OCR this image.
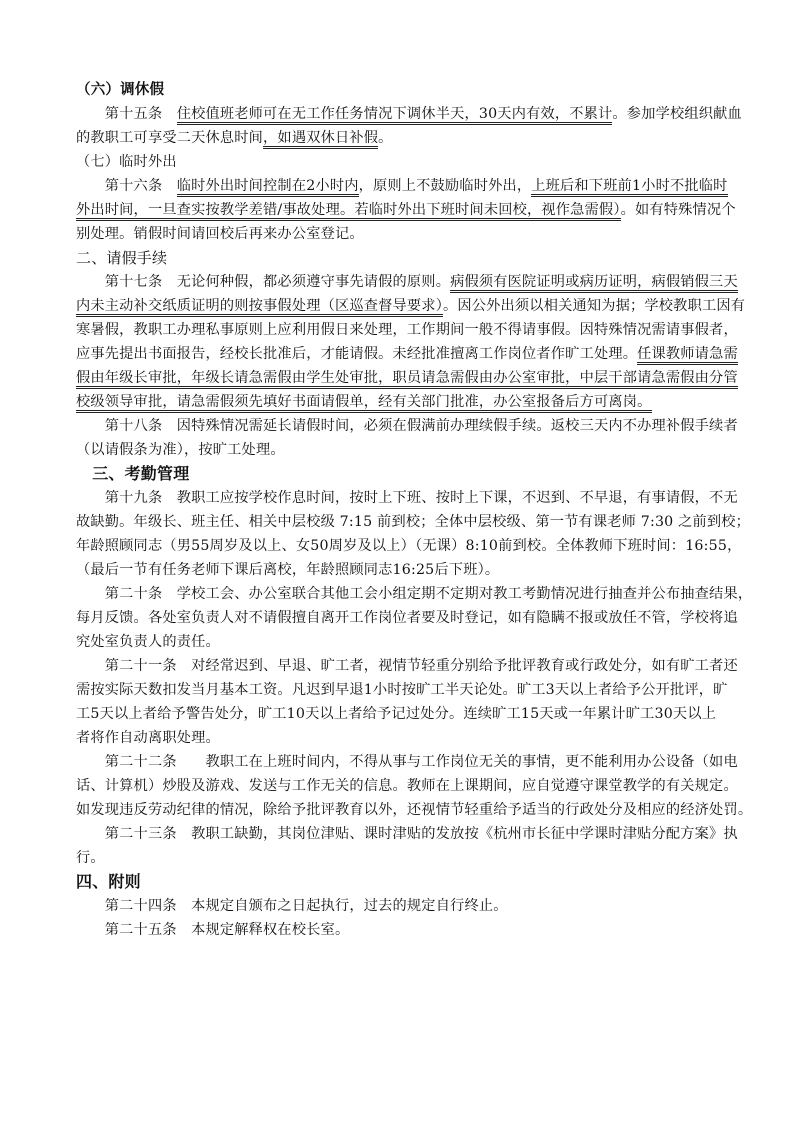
（六）调休假
　　第十五条　住校值班老师可在无工作任务情况下调休半天，30天内有效，不累计。参加学校组织献血
的教职工可享受二天休息时间，如遇双休日补假。
（七）临时外出
　　第十六条　临时外出时间控制在2小时内，原则上不鼓励临时外出，上班后和下班前1小时不批临时
外出时间，一旦查实按教学差错/事故处理。若临时外出下班时间未回校，视作急需假）。如有特殊情况个
别处理。销假时间请回校后再来办公室登记。
二、请假手续
　　第十七条　无论何种假，都必须遵守事先请假的原则。病假须有医院证明或病历证明，病假销假三天
内未主动补交纸质证明的则按事假处理（区巡查督导要求）。因公外出须以相关通知为据；学校教职工因有
寒暑假，教职工办理私事原则上应利用假日来处理，工作期间一般不得请事假。因特殊情况需请事假者，
应事先提出书面报告，经校长批准后，才能请假。未经批准擅离工作岗位者作旷工处理。任课教师请急需
假由年级长审批，年级长请急需假由学生处审批，职员请急需假由办公室审批，中层干部请急需假由分管
校级领导审批，请急需假须先填好书面请假单，经有关部门批准，办公室报备后方可离岗。
　　第十八条　因特殊情况需延长请假时间，必须在假满前办理续假手续。返校三天内不办理补假手续者
（以请假条为准），按旷工处理。
　三、考勤管理
　　第十九条　教职工应按学校作息时间，按时上下班、按时上下课，不迟到、不早退，有事请假，不无
故缺勤。年级长、班主任、相关中层校级 7:15 前到校；全体中层校级、第一节有课老师 7:30 之前到校；
年龄照顾同志（男55周岁及以上、女50周岁及以上）（无课）8:10前到校。全体教师下班时间：16:55，
（最后一节有任务老师下课后离校，年龄照顾同志16:25后下班）。
　　第二十条　学校工会、办公室联合其他工会小组定期不定期对教工考勤情况进行抽查并公布抽查结果，
每月反馈。各处室负责人对不请假擅自离开工作岗位者要及时登记，如有隐瞒不报或放任不管，学校将追
究处室负责人的责任。
　　第二十一条　对经常迟到、早退、旷工者，视情节轻重分别给予批评教育或行政处分，如有旷工者还
需按实际天数扣发当月基本工资。凡迟到早退1小时按旷工半天论处。旷工3天以上者给予公开批评，旷
工5天以上者给予警告处分，旷工10天以上者给予记过处分。连续旷工15天或一年累计旷工30天以上
者将作自动离职处理。
　　第二十二条　　教职工在上班时间内，不得从事与工作岗位无关的事情，更不能利用办公设备（如电
话、计算机）炒股及游戏、发送与工作无关的信息。教师在上课期间，应自觉遵守课堂教学的有关规定。
如发现违反劳动纪律的情况，除给予批评教育以外，还视情节轻重给予适当的行政处分及相应的经济处罚。
　　第二十三条　教职工缺勤，其岗位津贴、课时津贴的发放按《杭州市长征中学课时津贴分配方案》执
行。
四、附则
　　第二十四条　本规定自颁布之日起执行，过去的规定自行终止。
　　第二十五条　本规定解释权在校长室。
